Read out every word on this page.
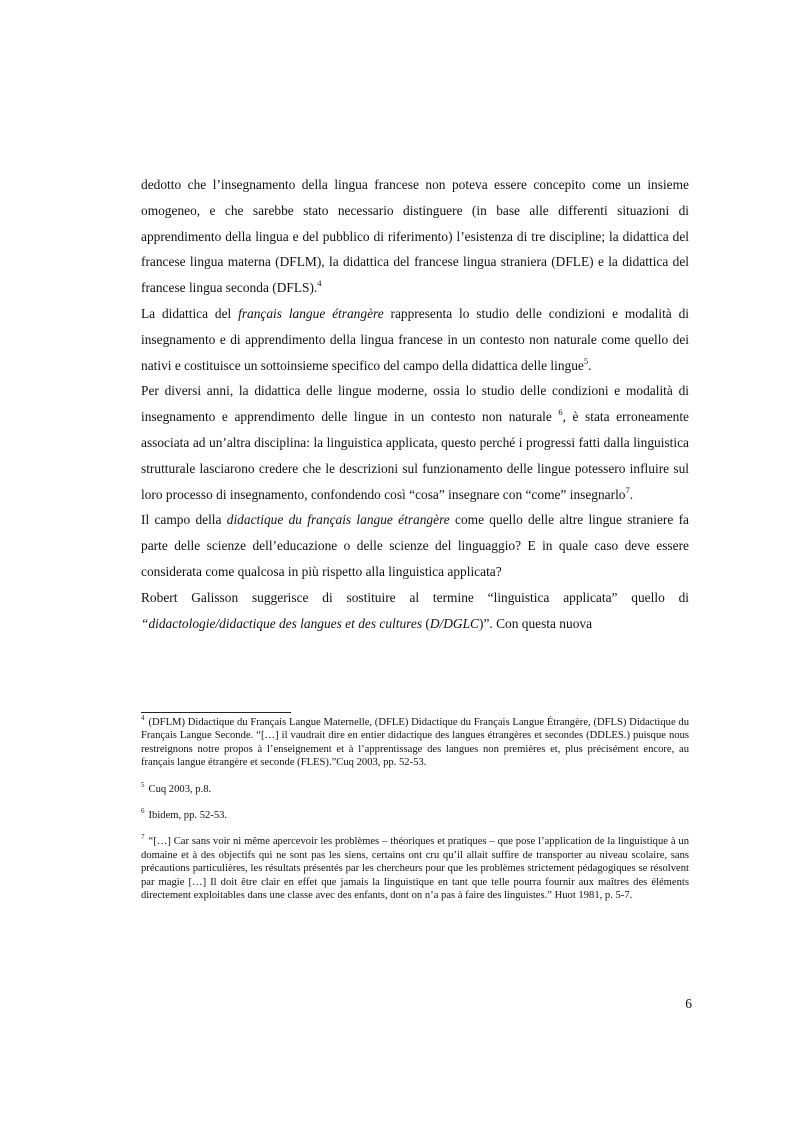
dedotto che l’insegnamento della lingua francese non poteva essere concepito come un insieme omogeneo, e che sarebbe stato necessario distinguere (in base alle differenti situazioni di apprendimento della lingua e del pubblico di riferimento) l’esistenza di tre discipline; la didattica del francese lingua materna (DFLM), la didattica del francese lingua straniera (DFLE) e la didattica del francese lingua seconda (DFLS).$^4$

La didattica del français langue étrangère rappresenta lo studio delle condizioni e modalità di insegnamento e di apprendimento della lingua francese in un contesto non naturale come quello dei nativi e costituisce un sottoinsieme specifico del campo della didattica delle lingue$^5$.

Per diversi anni, la didattica delle lingue moderne, ossia lo studio delle condizioni e modalità di insegnamento e apprendimento delle lingue in un contesto non naturale $^6$, è stata erroneamente associata ad un’altra disciplina: la linguistica applicata, questo perché i progressi fatti dalla linguistica strutturale lasciarono credere che le descrizioni sul funzionamento delle lingue potessero influire sul loro processo di insegnamento, confondendo così “cosa” insegnare con “come” insegnarlo$^7$.

Il campo della didactique du français langue étrangère come quello delle altre lingue straniere fa parte delle scienze dell’educazione o delle scienze del linguaggio? E in quale caso deve essere considerata come qualcosa in più rispetto alla linguistica applicata?

Robert Galisson suggerisce di sostituire al termine “linguistica applicata” quello di “didactologie/didactique des langues et des cultures (D/DGLC)”. Con questa nuova

$^4$ (DFLM) Didactique du Français Langue Maternelle, (DFLE) Didactique du Français Langue Étrangère, (DFLS) Didactique du Français Langue Seconde. “[…] il vaudrait dire en entier didactique des langues étrangères et secondes (DDLES.) puisque nous restreignons notre propos à l’enseignement et à l’apprentissage des langues non premières et, plus précisément encore, au français langue étrangère et seconde (FLES).”Cuq 2003, pp. 52-53.

$^5$ Cuq 2003, p.8.

$^6$ Ibidem, pp. 52-53.

$^7$ “[…] Car sans voir ni même apercevoir les problèmes – théoriques et pratiques – que pose l’application de la linguistique à un domaine et à des objectifs qui ne sont pas les siens, certains ont cru qu’il allait suffire de transporter au niveau scolaire, sans précautions particulières, les résultats présentés par les chercheurs pour que les problèmes strictement pédagogiques se résolvent par magie […] Il doit être clair en effet que jamais la linguistique en tant que telle pourra fournir aux maîtres des éléments directement exploitables dans une classe avec des enfants, dont on n’a pas à faire des linguistes.” Huot 1981, p. 5-7.

6
